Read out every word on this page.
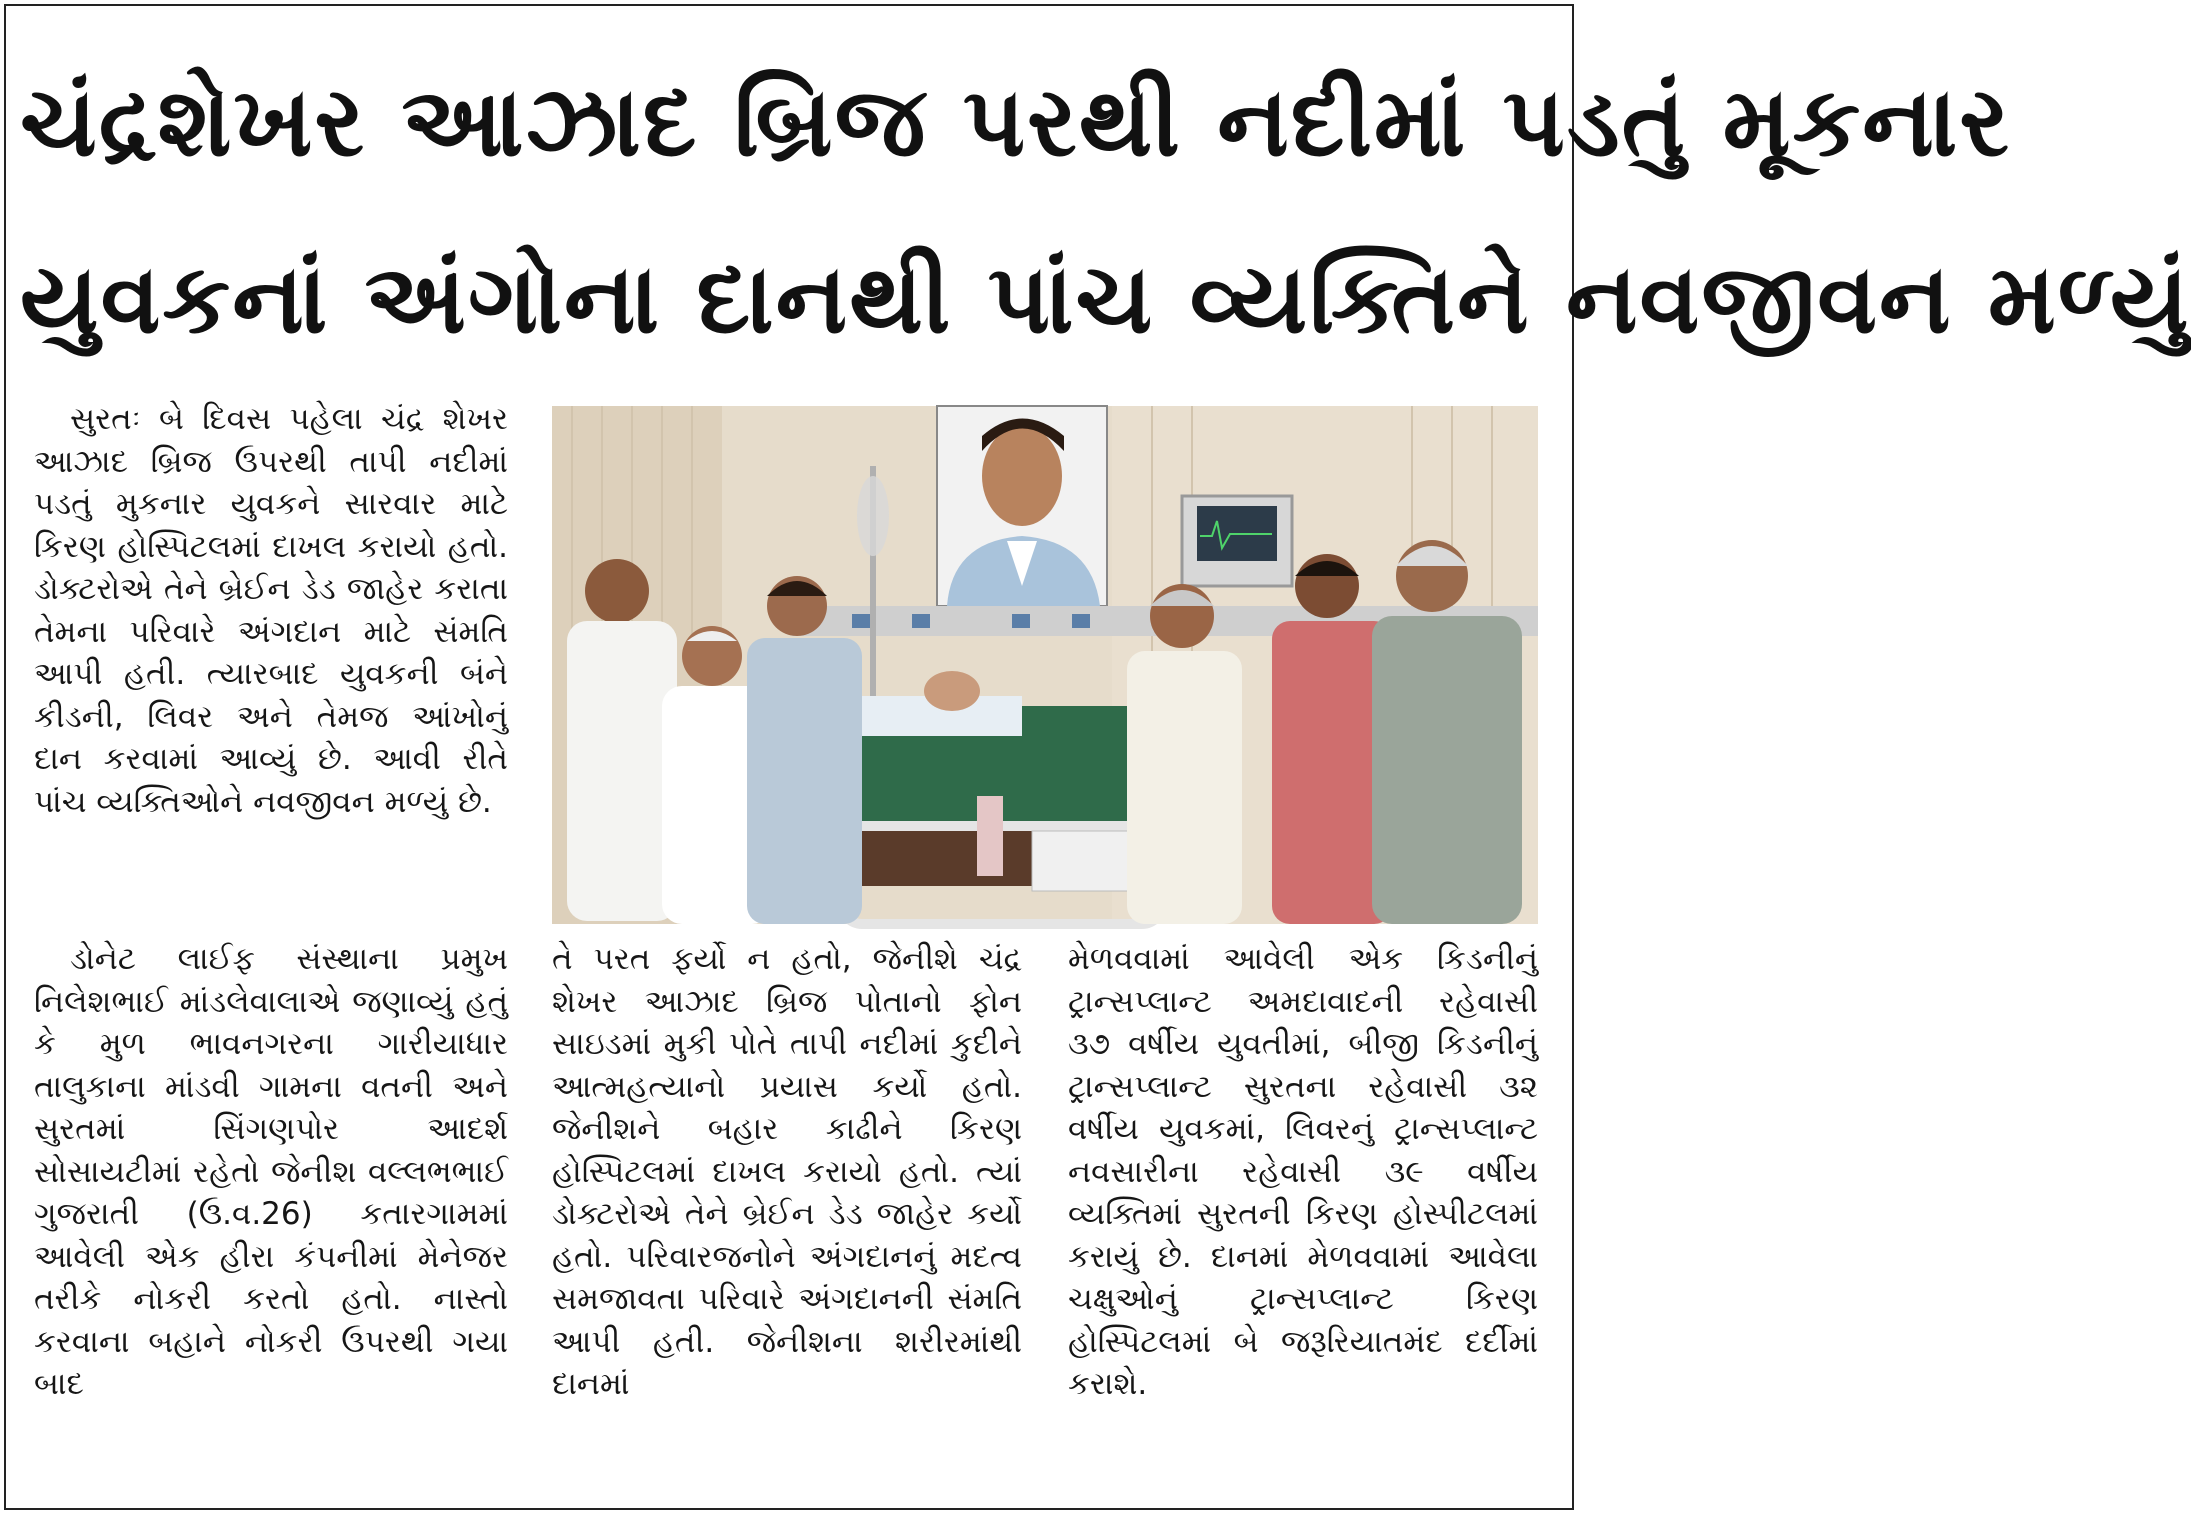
ચંદ્રશેખર આઝાદ બ્રિજ પરથી નદીમાં પડતું મૂકનાર
યુવકનાં અંગોના દાનથી પાંચ વ્યક્તિને નવજીવન મળ્યું

સુરતઃ બે દિવસ પહેલા ચંદ્ર શેખર આઝાદ બ્રિજ ઉપરથી તાપી નદીમાં પડતું મુકનાર યુવકને સારવાર માટે કિરણ હોસ્પિટલમાં દાખલ કરાયો હતો. ડોક્ટરોએ તેને બ્રેઈન ડેડ જાહેર કરાતા તેમના પરિવારે અંગદાન માટે સંમતિ આપી હતી. ત્યારબાદ યુવકની બંને કીડની, લિવર અને તેમજ આંખોનું દાન કરવામાં આવ્યું છે. આવી રીતે પાંચ વ્યક્તિઓને નવજીવન મળ્યું છે.

ડોનેટ લાઈફ સંસ્થાના પ્રમુખ નિલેશભાઈ માંડલેવાલાએ જણાવ્યું હતું કે મુળ ભાવનગરના ગારીયાધાર તાલુકાના માંડવી ગામના વતની અને સુરતમાં સિંગણપોર આદર્શ સોસાયટીમાં રહેતો જેનીશ વલ્લભભાઈ ગુજરાતી (ઉ.વ.26) કતારગામમાં આવેલી એક હીરા કંપનીમાં મેનેજર તરીકે નોકરી કરતો હતો. નાસ્તો કરવાના બહાને નોકરી ઉપરથી ગયા બાદ

તે પરત ફર્યો ન હતો, જેનીશે ચંદ્ર શેખર આઝાદ બ્રિજ પોતાનો ફોન સાઇડમાં મુકી પોતે તાપી નદીમાં કુદીને આત્મહત્યાનો પ્રયાસ કર્યો હતો. જેનીશને બહાર કાઢીને કિરણ હોસ્પિટલમાં દાખલ કરાયો હતો. ત્યાં ડોક્ટરોએ તેને બ્રેઈન ડેડ જાહેર કર્યો હતો. પરિવારજનોને અંગદાનનું મદત્વ સમજાવતા પરિવારે અંગદાનની સંમતિ આપી હતી. જેનીશના શરીરમાંથી દાનમાં

મેળવવામાં આવેલી એક કિડનીનું ટ્રાન્સપ્લાન્ટ અમદાવાદની રહેવાસી ૩૭ વર્ષીય યુવતીમાં, બીજી કિડનીનું ટ્રાન્સપ્લાન્ટ સુરતના રહેવાસી ૩૨ વર્ષીય યુવકમાં, લિવરનું ટ્રાન્સપ્લાન્ટ નવસારીના રહેવાસી ૩૯ વર્ષીય વ્યક્તિમાં સુરતની કિરણ હોસ્પીટલમાં કરાયું છે. દાનમાં મેળવવામાં આવેલા ચક્ષુઓનું ટ્રાન્સપ્લાન્ટ કિરણ હોસ્પિટલમાં બે જરૂરિયાતમંદ દર્દીમાં કરાશે.
